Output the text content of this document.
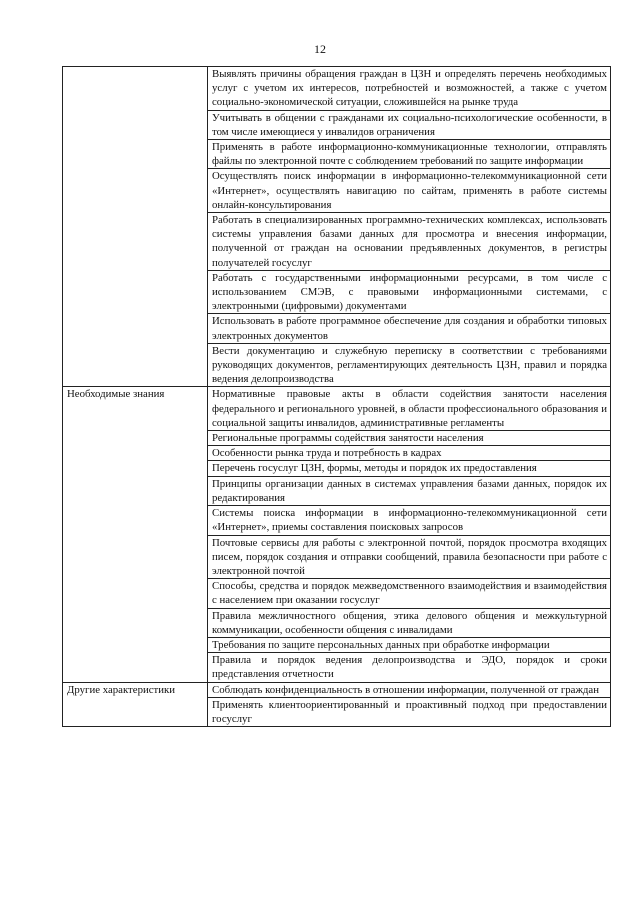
12
	Выявлять причины обращения граждан в ЦЗН и определять перечень необходимых услуг с учетом их интересов, потребностей и возможностей, а также с учетом социально-экономической ситуации, сложившейся на рынке труда
	Учитывать в общении с гражданами их социально-психологические особенности, в том числе имеющиеся у инвалидов ограничения
	Применять в работе информационно-коммуникационные технологии, отправлять файлы по электронной почте с соблюдением требований по защите информации
	Осуществлять поиск информации в информационно-телекоммуникационной сети «Интернет», осуществлять навигацию по сайтам, применять в работе системы онлайн-консультирования
	Работать в специализированных программно-технических комплексах, использовать системы управления базами данных для просмотра и внесения информации, полученной от граждан на основании предъявленных документов, в регистры получателей госуслуг
	Работать с государственными информационными ресурсами, в том числе с использованием СМЭВ, с правовыми информационными системами, с электронными (цифровыми) документами
	Использовать в работе программное обеспечение для создания и обработки типовых электронных документов
	Вести документацию и служебную переписку в соответствии с требованиями руководящих документов, регламентирующих деятельность ЦЗН, правил и порядка ведения делопроизводства
Необходимые знания	Нормативные правовые акты в области содействия занятости населения федерального и регионального уровней, в области профессионального образования и социальной защиты инвалидов, административные регламенты
	Региональные программы содействия занятости населения
	Особенности рынка труда и потребность в кадрах
	Перечень госуслуг ЦЗН, формы, методы и порядок их предоставления
	Принципы организации данных в системах управления базами данных, порядок их редактирования
	Системы поиска информации в информационно-телекоммуникационной сети «Интернет», приемы составления поисковых запросов
	Почтовые сервисы для работы с электронной почтой, порядок просмотра входящих писем, порядок создания и отправки сообщений, правила безопасности при работе с электронной почтой
	Способы, средства и порядок межведомственного взаимодействия и взаимодействия с населением при оказании госуслуг
	Правила межличностного общения, этика делового общения и межкультурной коммуникации, особенности общения с инвалидами
	Требования по защите персональных данных при обработке информации
	Правила и порядок ведения делопроизводства и ЭДО, порядок и сроки представления отчетности
Другие характеристики	Соблюдать конфиденциальность в отношении информации, полученной от граждан
	Применять клиентоориентированный и проактивный подход при предоставлении госуслуг
